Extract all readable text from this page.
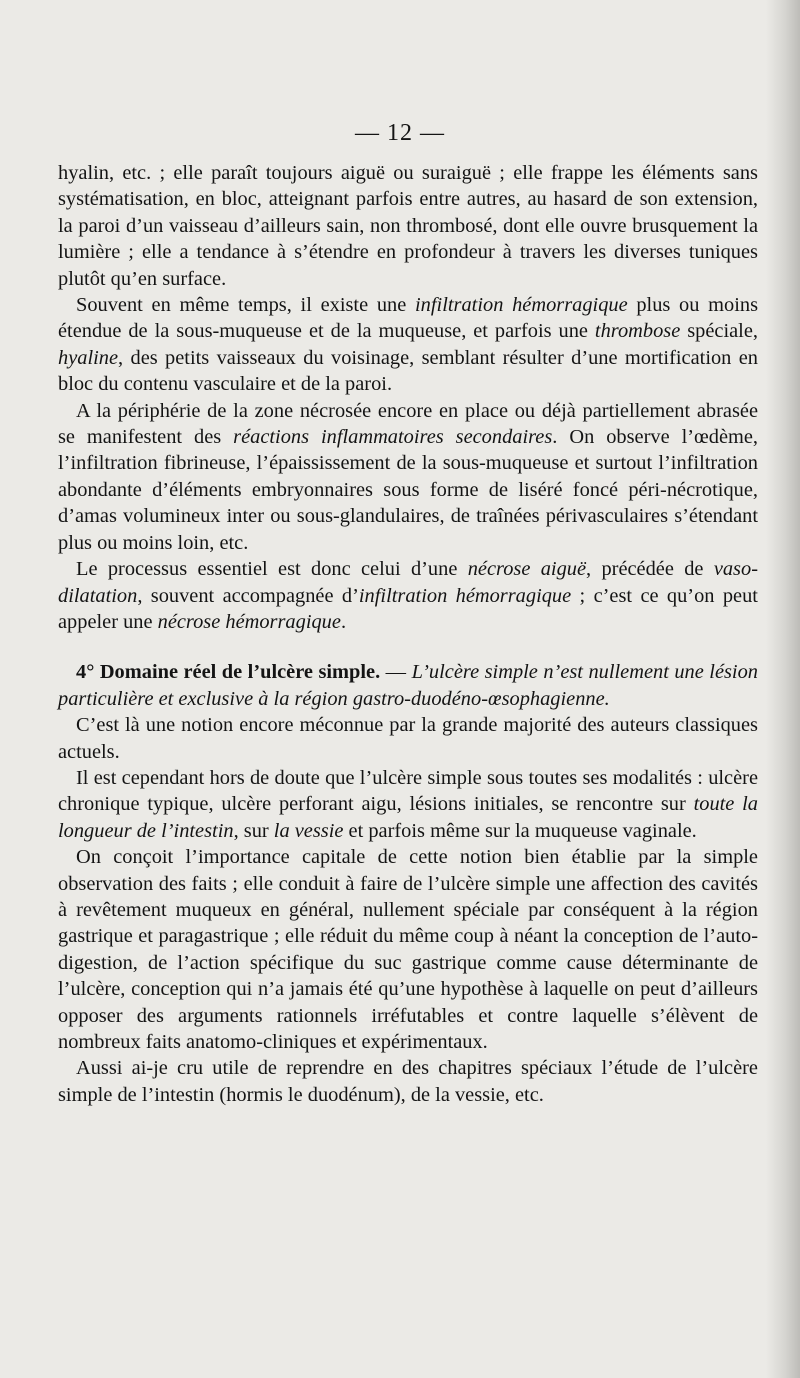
— 12 —

hyalin, etc. ; elle paraît toujours aiguë ou suraiguë ; elle frappe les éléments sans systématisation, en bloc, atteignant parfois entre autres, au hasard de son extension, la paroi d’un vaisseau d’ailleurs sain, non thrombosé, dont elle ouvre brusquement la lumière ; elle a tendance à s’étendre en profondeur à travers les diverses tuniques plutôt qu’en surface.

Souvent en même temps, il existe une infiltration hémorragique plus ou moins étendue de la sous-muqueuse et de la muqueuse, et parfois une thrombose spéciale, hyaline, des petits vaisseaux du voisinage, semblant résulter d’une mortification en bloc du contenu vasculaire et de la paroi.

A la périphérie de la zone nécrosée encore en place ou déjà partiellement abrasée se manifestent des réactions inflammatoires secondaires. On observe l’œdème, l’infiltration fibrineuse, l’épaississement de la sous-muqueuse et surtout l’infiltration abondante d’éléments embryonnaires sous forme de liséré foncé péri-nécrotique, d’amas volumineux inter ou sous-glandulaires, de traînées périvasculaires s’étendant plus ou moins loin, etc.

Le processus essentiel est donc celui d’une nécrose aiguë, précédée de vaso-dilatation, souvent accompagnée d’infiltration hémorragique ; c’est ce qu’on peut appeler une nécrose hémorragique.

4° Domaine réel de l’ulcère simple. — L’ulcère simple n’est nullement une lésion particulière et exclusive à la région gastro-duodéno-œsophagienne.

C’est là une notion encore méconnue par la grande majorité des auteurs classiques actuels.

Il est cependant hors de doute que l’ulcère simple sous toutes ses modalités : ulcère chronique typique, ulcère perforant aigu, lésions initiales, se rencontre sur toute la longueur de l’intestin, sur la vessie et parfois même sur la muqueuse vaginale.

On conçoit l’importance capitale de cette notion bien établie par la simple observation des faits ; elle conduit à faire de l’ulcère simple une affection des cavités à revêtement muqueux en général, nullement spéciale par conséquent à la région gastrique et paragastrique ; elle réduit du même coup à néant la conception de l’auto-digestion, de l’action spécifique du suc gastrique comme cause déterminante de l’ulcère, conception qui n’a jamais été qu’une hypothèse à laquelle on peut d’ailleurs opposer des arguments rationnels irréfutables et contre laquelle s’élèvent de nombreux faits anatomo-cliniques et expérimentaux.

Aussi ai-je cru utile de reprendre en des chapitres spéciaux l’étude de l’ulcère simple de l’intestin (hormis le duodénum), de la vessie, etc.
